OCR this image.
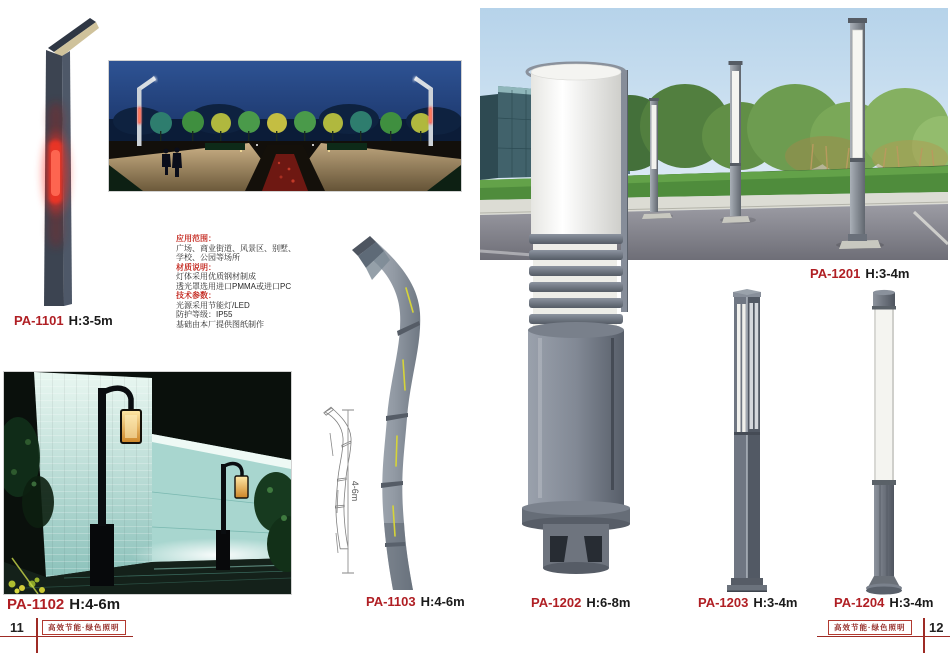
PA-1101 H:3-5m
应用范围：
广场、商业街道、风景区、别墅、
学校、公园等场所
材质说明：
灯体采用优质钢材制成
透光罩选用进口PMMA或进口PC
技术参数：
光源采用节能灯/LED
防护等级：IP55
基础由本厂提供图纸制作
PA-1102 H:4-6m
4-6m
PA-1103 H:4-6m
PA-1201 H:3-4m
PA-1202 H:6-8m	PA-1203 H:3-4m	PA-1204 H:3-4m
11	高效节能·绿色照明	高效节能·绿色照明	12
